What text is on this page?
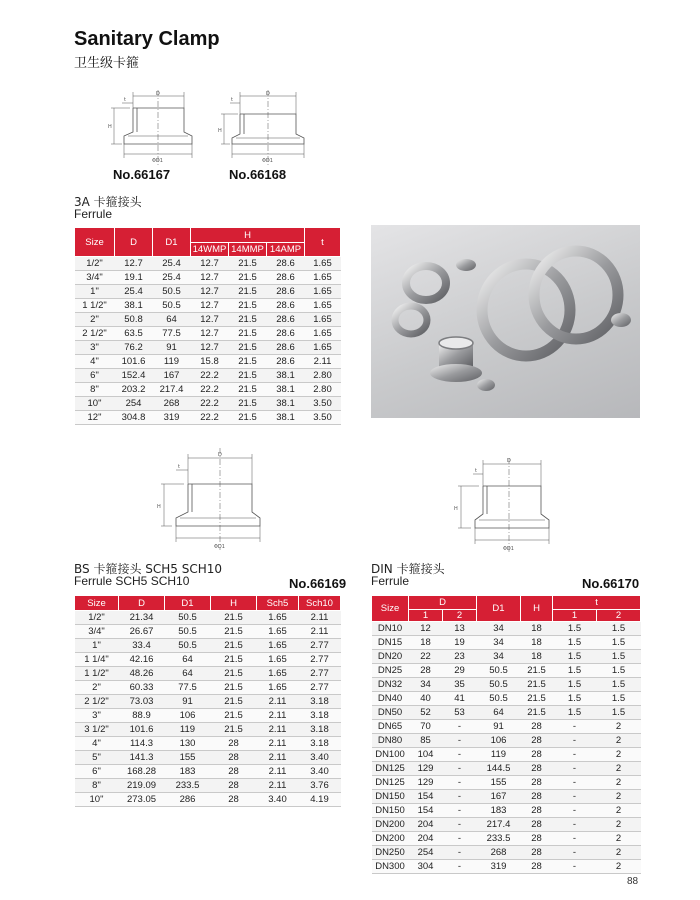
Sanitary Clamp
卫生级卡箍
D
t
H
ΦD1
No.66167
D
t
H
ΦD1
No.66168
3A 卡箍接头
Ferrule
Size	D	D1	H			t
			14WMP	14MMP	14AMP	
1/2"	12.7	25.4	12.7	21.5	28.6	1.65
3/4"	19.1	25.4	12.7	21.5	28.6	1.65
1"	25.4	50.5	12.7	21.5	28.6	1.65
1 1/2"	38.1	50.5	12.7	21.5	28.6	1.65
2"	50.8	64	12.7	21.5	28.6	1.65
2 1/2"	63.5	77.5	12.7	21.5	28.6	1.65
3"	76.2	91	12.7	21.5	28.6	1.65
4"	101.6	119	15.8	21.5	28.6	2.11
6"	152.4	167	22.2	21.5	38.1	2.80
8"	203.2	217.4	22.2	21.5	38.1	2.80
10"	254	268	22.2	21.5	38.1	3.50
12"	304.8	319	22.2	21.5	38.1	3.50
D
t
H
ΦD1
D
t
H
ΦD1
BS 卡箍接头 SCH5 SCH10
Ferrule SCH5 SCH10	No.66169
Size	D	D1	H	Sch5	Sch10
1/2"	21.34	50.5	21.5	1.65	2.11
3/4"	26.67	50.5	21.5	1.65	2.11
1"	33.4	50.5	21.5	1.65	2.77
1 1/4"	42.16	64	21.5	1.65	2.77
1 1/2"	48.26	64	21.5	1.65	2.77
2"	60.33	77.5	21.5	1.65	2.77
2 1/2"	73.03	91	21.5	2.11	3.18
3"	88.9	106	21.5	2.11	3.18
3 1/2"	101.6	119	21.5	2.11	3.18
4"	114.3	130	28	2.11	3.18
5"	141.3	155	28	2.11	3.40
6"	168.28	183	28	2.11	3.40
8"	219.09	233.5	28	2.11	3.76
10"	273.05	286	28	3.40	4.19
DIN 卡箍接头
Ferrule	No.66170
Size	D		D1	H	t	
	1	2			1	2
DN10	12	13	34	18	1.5	1.5
DN15	18	19	34	18	1.5	1.5
DN20	22	23	34	18	1.5	1.5
DN25	28	29	50.5	21.5	1.5	1.5
DN32	34	35	50.5	21.5	1.5	1.5
DN40	40	41	50.5	21.5	1.5	1.5
DN50	52	53	64	21.5	1.5	1.5
DN65	70	-	91	28	-	2
DN80	85	-	106	28	-	2
DN100	104	-	119	28	-	2
DN125	129	-	144.5	28	-	2
DN125	129	-	155	28	-	2
DN150	154	-	167	28	-	2
DN150	154	-	183	28	-	2
DN200	204	-	217.4	28	-	2
DN200	204	-	233.5	28	-	2
DN250	254	-	268	28	-	2
DN300	304	-	319	28	-	2
88
